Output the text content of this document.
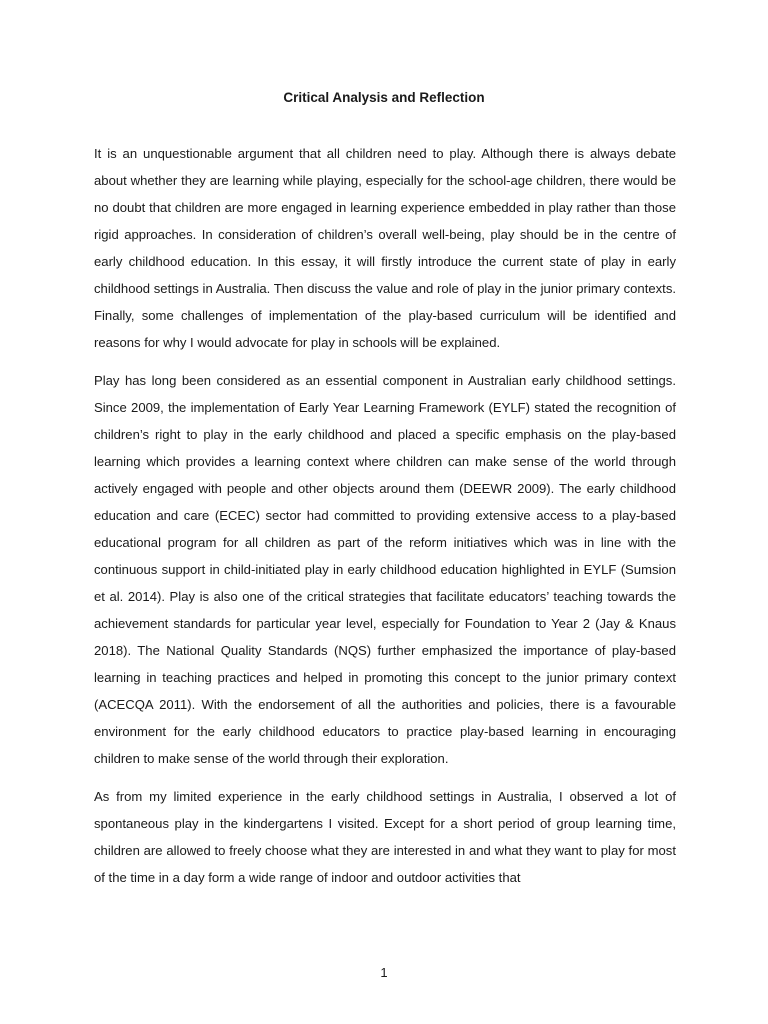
Critical Analysis and Reflection

It is an unquestionable argument that all children need to play. Although there is always debate about whether they are learning while playing, especially for the school-age children, there would be no doubt that children are more engaged in learning experience embedded in play rather than those rigid approaches. In consideration of children’s overall well-being, play should be in the centre of early childhood education. In this essay, it will firstly introduce the current state of play in early childhood settings in Australia. Then discuss the value and role of play in the junior primary contexts. Finally, some challenges of implementation of the play-based curriculum will be identified and reasons for why I would advocate for play in schools will be explained.

Play has long been considered as an essential component in Australian early childhood settings. Since 2009, the implementation of Early Year Learning Framework (EYLF) stated the recognition of children’s right to play in the early childhood and placed a specific emphasis on the play-based learning which provides a learning context where children can make sense of the world through actively engaged with people and other objects around them (DEEWR 2009). The early childhood education and care (ECEC) sector had committed to providing extensive access to a play-based educational program for all children as part of the reform initiatives which was in line with the continuous support in child-initiated play in early childhood education highlighted in EYLF (Sumsion et al. 2014). Play is also one of the critical strategies that facilitate educators’ teaching towards the achievement standards for particular year level, especially for Foundation to Year 2 (Jay & Knaus 2018). The National Quality Standards (NQS) further emphasized the importance of play-based learning in teaching practices and helped in promoting this concept to the junior primary context (ACECQA 2011). With the endorsement of all the authorities and policies, there is a favourable environment for the early childhood educators to practice play-based learning in encouraging children to make sense of the world through their exploration.

As from my limited experience in the early childhood settings in Australia, I observed a lot of spontaneous play in the kindergartens I visited. Except for a short period of group learning time, children are allowed to freely choose what they are interested in and what they want to play for most of the time in a day form a wide range of indoor and outdoor activities that

1
